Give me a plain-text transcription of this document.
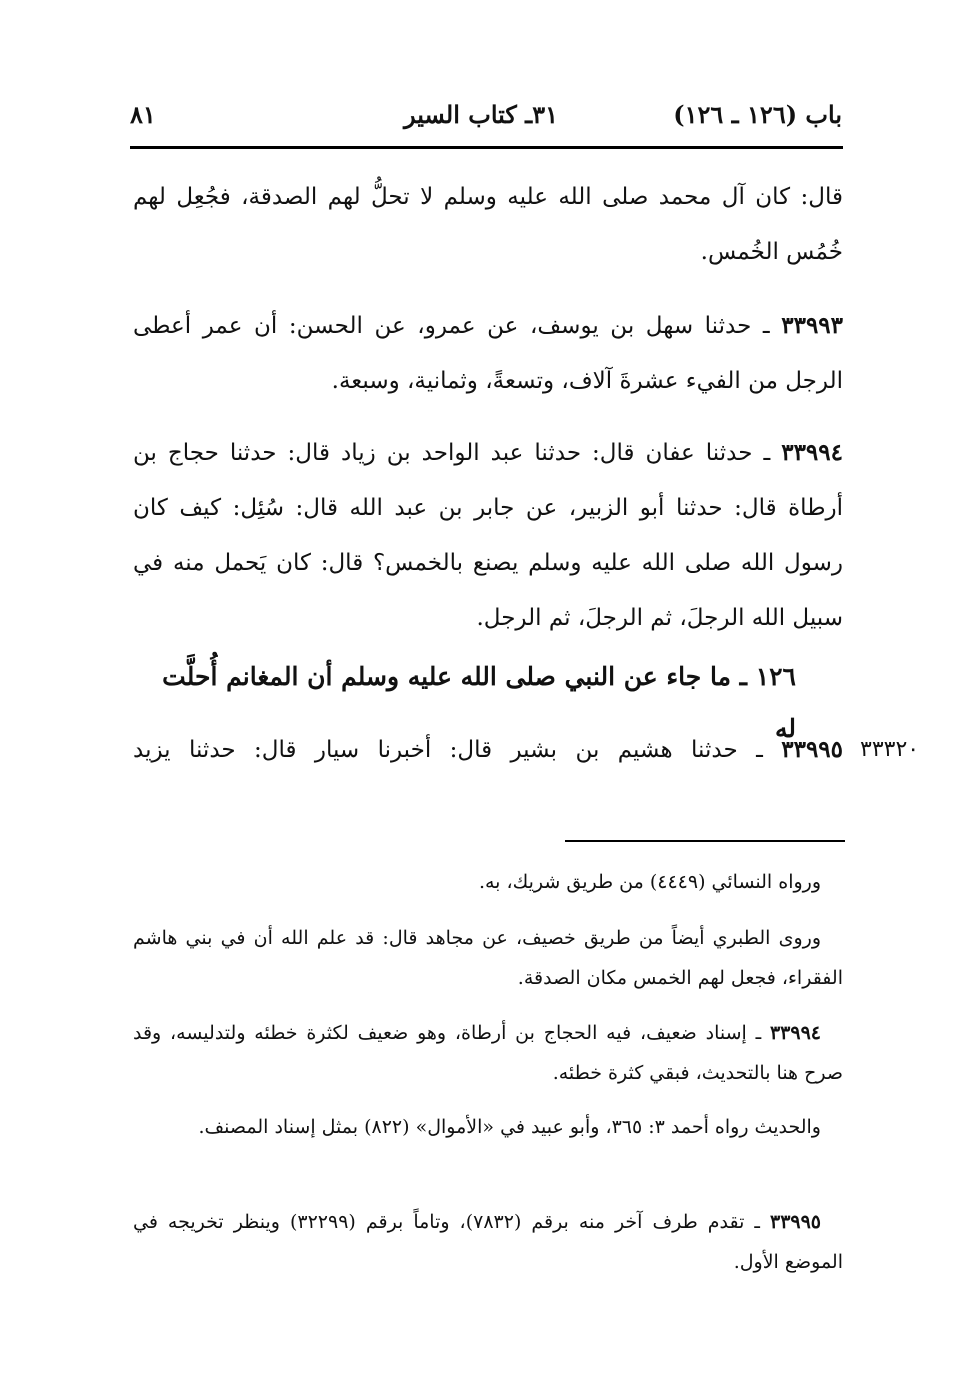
باب (١٢٦ ـ ١٢٦)
٣١ـ كتاب السير
٨١
قال: كان آل محمد صلى الله عليه وسلم لا تحلُّ لهم الصدقة، فجُعِل لهم خُمُس الخُمس.
٣٣٩٩٣ ـ حدثنا سهل بن يوسف، عن عمرو، عن الحسن: أن عمر أعطى الرجل من الفيء عشرةَ آلاف، وتسعةً، وثمانية، وسبعة.
٣٣٩٩٤ ـ حدثنا عفان قال: حدثنا عبد الواحد بن زياد قال: حدثنا حجاج بن أرطاة قال: حدثنا أبو الزبير، عن جابر بن عبد الله قال: سُئِل: كيف كان رسول الله صلى الله عليه وسلم يصنع بالخمس؟ قال: كان يَحمل منه في سبيل الله الرجلَ، ثم الرجلَ، ثم الرجل.
١٢٦ ـ ما جاء عن النبي صلى الله عليه وسلم أن المغانم أُحلَّت له
٣٣٩٩٥ ـ حدثنا هشيم بن بشير قال: أخبرنا سيار قال: حدثنا يزيد	٣٣٣٢٠
ورواه النسائي (٤٤٤٩) من طريق شريك، به.
وروى الطبري أيضاً من طريق خصيف، عن مجاهد قال: قد علم الله أن في بني هاشم الفقراء، فجعل لهم الخمس مكان الصدقة.
٣٣٩٩٤ ـ إسناد ضعيف، فيه الحجاج بن أرطاة، وهو ضعيف لكثرة خطئه ولتدليسه، وقد صرح هنا بالتحديث، فبقي كثرة خطئه.
والحديث رواه أحمد ٣: ٣٦٥، وأبو عبيد في «الأموال» (٨٢٢) بمثل إسناد المصنف.
٣٣٩٩٥ ـ تقدم طرف آخر منه برقم (٧٨٣٢)، وتاماً برقم (٣٢٢٩٩) وينظر تخريجه في الموضع الأول.
